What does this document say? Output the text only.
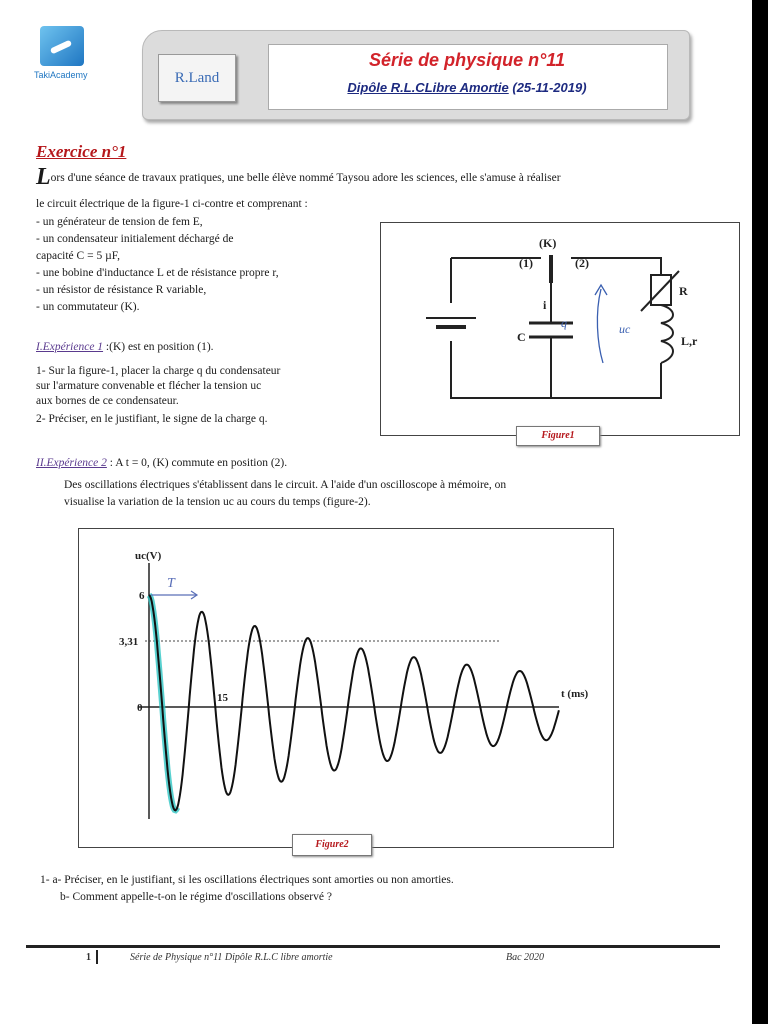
TakiAcademy	R.Land
Série de physique n°11
Dipôle R.L.CLibre Amortie (25-11-2019)
Exercice n°1
Lors d'une séance de travaux pratiques, une belle élève nommé Taysou adore les sciences, elle s'amuse à réaliser
le circuit électrique de la figure-1 ci-contre et comprenant :
- un générateur de tension de fem E,
- un condensateur initialement déchargé de
capacité C = 5 µF,
- une bobine d'inductance L et de résistance propre r,
- un résistor de résistance R variable,
- un commutateur (K).
I.Expérience 1 :(K) est en position (1).
1- Sur la figure-1, placer la charge q du condensateur
sur l'armature convenable et flécher la tension uc
aux bornes de ce condensateur.
2- Préciser, en le justifiant, le signe de la charge q.
(K)
(1)	(2)
i
C
R
L,r
q	uc
Figure1
II.Expérience 2 : A t = 0, (K) commute en position (2).
Des oscillations électriques s'établissent dans le circuit. A l'aide d'un oscilloscope à mémoire, on
visualise la variation de la tension uc au cours du temps (figure-2).
uc(V)
t (ms)
6
3,31
0
15
T
Figure2
1- a- Préciser, en le justifiant, si les oscillations électriques sont amorties ou non amorties.
b- Comment appelle-t-on le régime d'oscillations observé ?
1	Série de Physique n°11 Dipôle R.L.C libre amortie	Bac 2020
